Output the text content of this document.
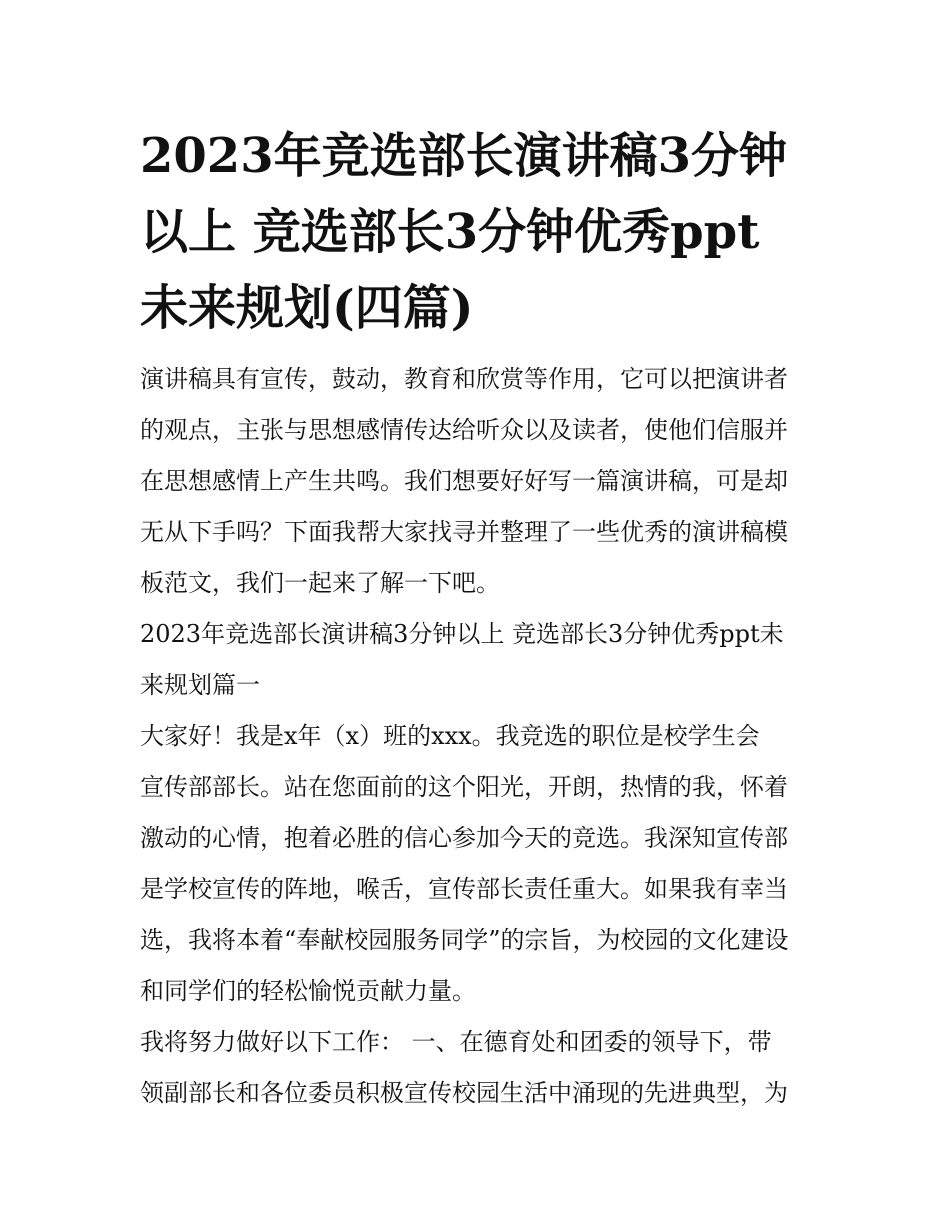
2023年竞选部长演讲稿3分钟
以上 竞选部长3分钟优秀ppt
未来规划(四篇)

演讲稿具有宣传，鼓动，教育和欣赏等作用，它可以把演讲者
的观点，主张与思想感情传达给听众以及读者，使他们信服并
在思想感情上产生共鸣。我们想要好好写一篇演讲稿，可是却
无从下手吗？下面我帮大家找寻并整理了一些优秀的演讲稿模
板范文，我们一起来了解一下吧。

2023年竞选部长演讲稿3分钟以上 竞选部长3分钟优秀ppt未
来规划篇一

大家好！我是x年（x）班的xxx。我竞选的职位是校学生会
宣传部部长。站在您面前的这个阳光，开朗，热情的我，怀着
激动的心情，抱着必胜的信心参加今天的竞选。我深知宣传部
是学校宣传的阵地，喉舌，宣传部长责任重大。如果我有幸当
选，我将本着“奉献校园服务同学”的宗旨，为校园的文化建设
和同学们的轻松愉悦贡献力量。

我将努力做好以下工作： 一、在德育处和团委的领导下，带
领副部长和各位委员积极宣传校园生活中涌现的先进典型，为
